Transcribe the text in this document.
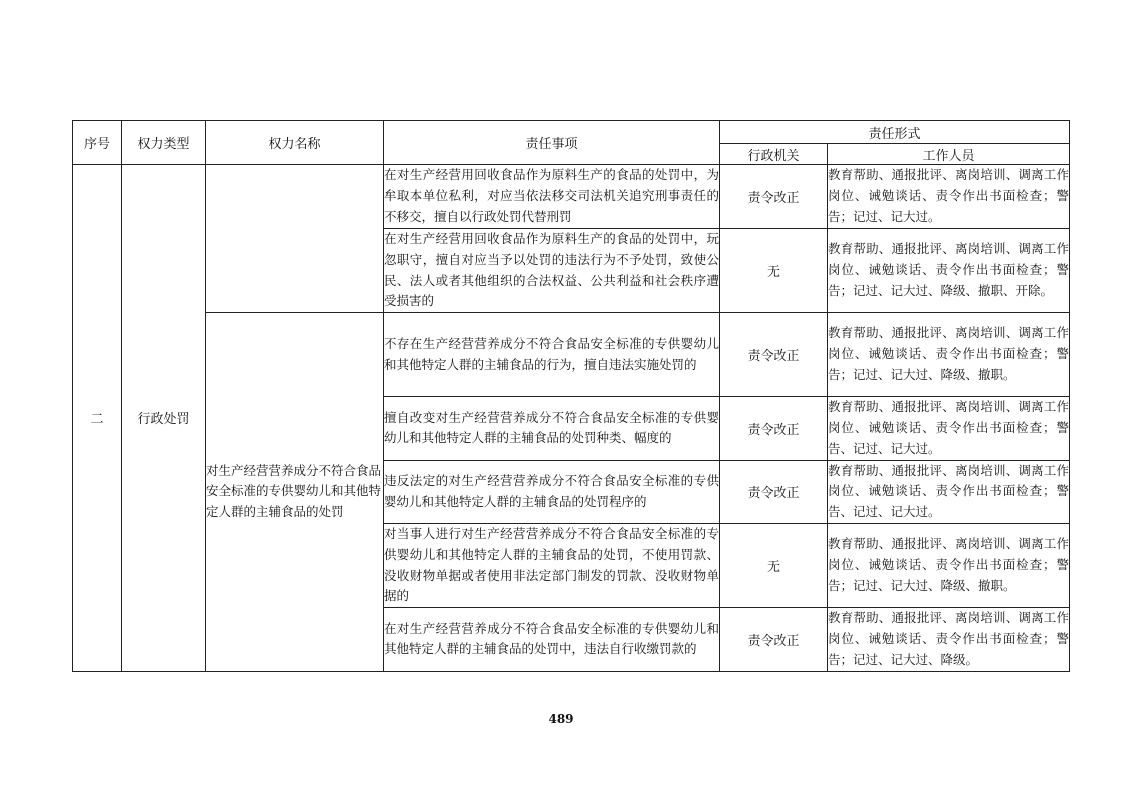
序号	权力类型	权力名称	责任事项	责任形式	
				行政机关	工作人员
二	行政处罚		在对生产经营用回收食品作为原料生产的食品的处罚中，为牟取本单位私利，对应当依法移交司法机关追究刑事责任的不移交，擅自以行政处罚代替刑罚	责令改正	教育帮助、通报批评、离岗培训、调离工作岗位、诫勉谈话、责令作出书面检查；警告；记过、记大过。
			在对生产经营用回收食品作为原料生产的食品的处罚中，玩忽职守，擅自对应当予以处罚的违法行为不予处罚，致使公民、法人或者其他组织的合法权益、公共利益和社会秩序遭受损害的	无	教育帮助、通报批评、离岗培训、调离工作岗位、诫勉谈话、责令作出书面检查；警告；记过、记大过、降级、撤职、开除。
		对生产经营营养成分不符合食品安全标准的专供婴幼儿和其他特定人群的主辅食品的处罚	不存在生产经营营养成分不符合食品安全标准的专供婴幼儿和其他特定人群的主辅食品的行为，擅自违法实施处罚的	责令改正	教育帮助、通报批评、离岗培训、调离工作岗位、诫勉谈话、责令作出书面检查；警告；记过、记大过、降级、撤职。
			擅自改变对生产经营营养成分不符合食品安全标准的专供婴幼儿和其他特定人群的主辅食品的处罚种类、幅度的	责令改正	教育帮助、通报批评、离岗培训、调离工作岗位、诫勉谈话、责令作出书面检查；警告、记过、记大过。
			违反法定的对生产经营营养成分不符合食品安全标准的专供婴幼儿和其他特定人群的主辅食品的处罚程序的	责令改正	教育帮助、通报批评、离岗培训、调离工作岗位、诫勉谈话、责令作出书面检查；警告、记过、记大过。
			对当事人进行对生产经营营养成分不符合食品安全标准的专供婴幼儿和其他特定人群的主辅食品的处罚，不使用罚款、没收财物单据或者使用非法定部门制发的罚款、没收财物单据的	无	教育帮助、通报批评、离岗培训、调离工作岗位、诫勉谈话、责令作出书面检查；警告；记过、记大过、降级、撤职。
			在对生产经营营养成分不符合食品安全标准的专供婴幼儿和其他特定人群的主辅食品的处罚中，违法自行收缴罚款的	责令改正	教育帮助、通报批评、离岗培训、调离工作岗位、诫勉谈话、责令作出书面检查；警告；记过、记大过、降级。
489
